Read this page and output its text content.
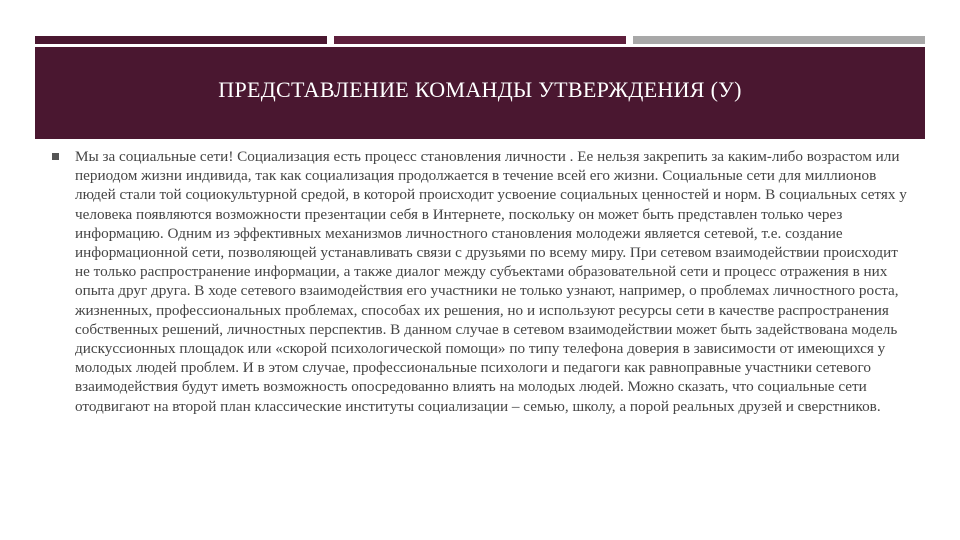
ПРЕДСТАВЛЕНИЕ КОМАНДЫ УТВЕРЖДЕНИЯ (У)

Мы за социальные сети! Социализация есть процесс становления личности . Ее нельзя закрепить за каким-либо возрастом или периодом жизни индивида, так как социализация продолжается в течение всей его жизни. Социальные сети для миллионов людей стали той социокультурной средой, в которой происходит усвоение социальных ценностей и норм. В социальных сетях у человека появляются возможности презентации себя в Интернете, поскольку он может быть представлен только через информацию. Одним из эффективных механизмов личностного становления молодежи является сетевой, т.е. создание информационной сети, позволяющей устанавливать связи с друзьями по всему миру. При сетевом взаимодействии происходит не только распространение информации, а также диалог между субъектами образовательной сети и процесс отражения в них опыта друг друга. В ходе сетевого взаимодействия его участники не только узнают, например, о проблемах личностного роста, жизненных, профессиональных проблемах, способах их решения, но и используют ресурсы сети в качестве распространения собственных решений, личностных перспектив. В данном случае в сетевом взаимодействии может быть задействована модель дискуссионных площадок или «скорой психологической помощи» по типу телефона доверия в зависимости от имеющихся у молодых людей проблем. И в этом случае, профессиональные психологи и педагоги как равноправные участники сетевого взаимодействия будут иметь возможность опосредованно влиять на молодых людей. Можно сказать, что социальные сети отодвигают на второй план классические институты социализации – семью, школу, а порой реальных друзей и сверстников.
